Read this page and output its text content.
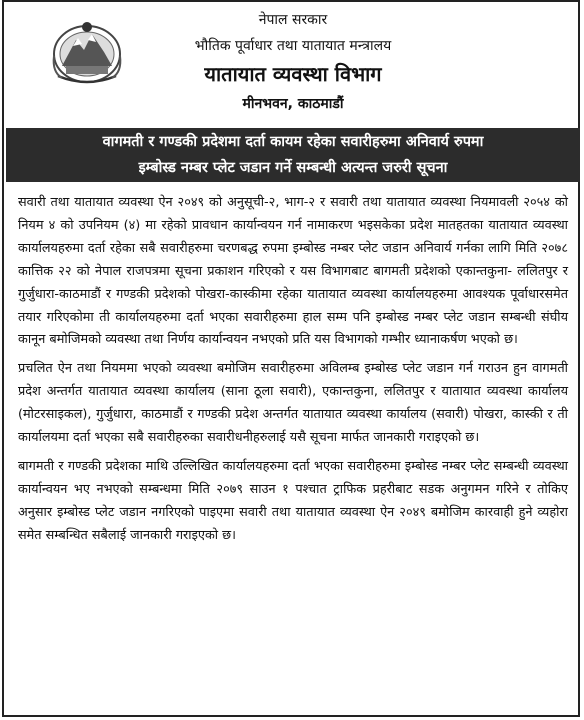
नेपाल सरकार
भौतिक पूर्वाधार तथा यातायात मन्त्रालय
यातायात व्यवस्था विभाग
मीनभवन, काठमाडौं
वागमती र गण्डकी प्रदेशमा दर्ता कायम रहेका सवारीहरुमा अनिवार्य रुपमा
इम्बोस्ड नम्बर प्लेट जडान गर्ने सम्बन्धी अत्यन्त जरुरी सूचना

सवारी तथा यातायात व्यवस्था ऐन २०४९ को अनुसूची-२, भाग-२ र सवारी तथा यातायात व्यवस्था नियमावली २०५४ को नियम ४ को उपनियम (४) मा रहेको प्रावधान कार्यान्वयन गर्न नामाकरण भइसकेका प्रदेश मातहतका यातायात व्यवस्था कार्यालयहरुमा दर्ता रहेका सबै सवारीहरुमा चरणबद्ध रुपमा इम्बोस्ड नम्बर प्लेट जडान अनिवार्य गर्नका लागि मिति २०७८ कात्तिक २२ को नेपाल राजपत्रमा सूचना प्रकाशन गरिएको र यस विभागबाट बागमती प्रदेशको एकान्तकुना- ललितपुर र गुर्जुधारा-काठमाडौं र गण्डकी प्रदेशको पोखरा-कास्कीमा रहेका यातायात व्यवस्था कार्यालयहरुमा आवश्यक पूर्वाधारसमेत तयार गरिएकोमा ती कार्यालयहरुमा दर्ता भएका सवारीहरुमा हाल सम्म पनि इम्बोस्ड नम्बर प्लेट जडान सम्बन्धी संघीय कानून बमोजिमको व्यवस्था तथा निर्णय कार्यान्वयन नभएको प्रति यस विभागको गम्भीर ध्यानाकर्षण भएको छ।

प्रचलित ऐन तथा नियममा भएको व्यवस्था बमोजिम सवारीहरुमा अविलम्ब इम्बोस्ड प्लेट जडान गर्न गराउन हुन वागमती प्रदेश अन्तर्गत यातायात व्यवस्था कार्यालय (साना ठूला सवारी), एकान्तकुना, ललितपुर र यातायात व्यवस्था कार्यालय (मोटरसाइकल), गुर्जुधारा, काठमाडौं र गण्डकी प्रदेश अन्तर्गत यातायात व्यवस्था कार्यालय (सवारी) पोखरा, कास्की र ती कार्यालयमा दर्ता भएका सबै सवारीहरुका सवारीधनीहरुलाई यसै सूचना मार्फत जानकारी गराइएको छ।

बागमती र गण्डकी प्रदेशका माथि उल्लिखित कार्यालयहरुमा दर्ता भएका सवारीहरुमा इम्बोस्ड नम्बर प्लेट सम्बन्धी व्यवस्था कार्यान्वयन भए नभएको सम्बन्धमा मिति २०७९ साउन १ पश्चात ट्राफिक प्रहरीबाट सडक अनुगमन गरिने र तोकिए अनुसार इम्बोस्ड प्लेट जडान नगरिएको पाइएमा सवारी तथा यातायात व्यवस्था ऐन २०४९ बमोजिम कारवाही हुने व्यहोरा समेत सम्बन्धित सबैलाई जानकारी गराइएको छ।
